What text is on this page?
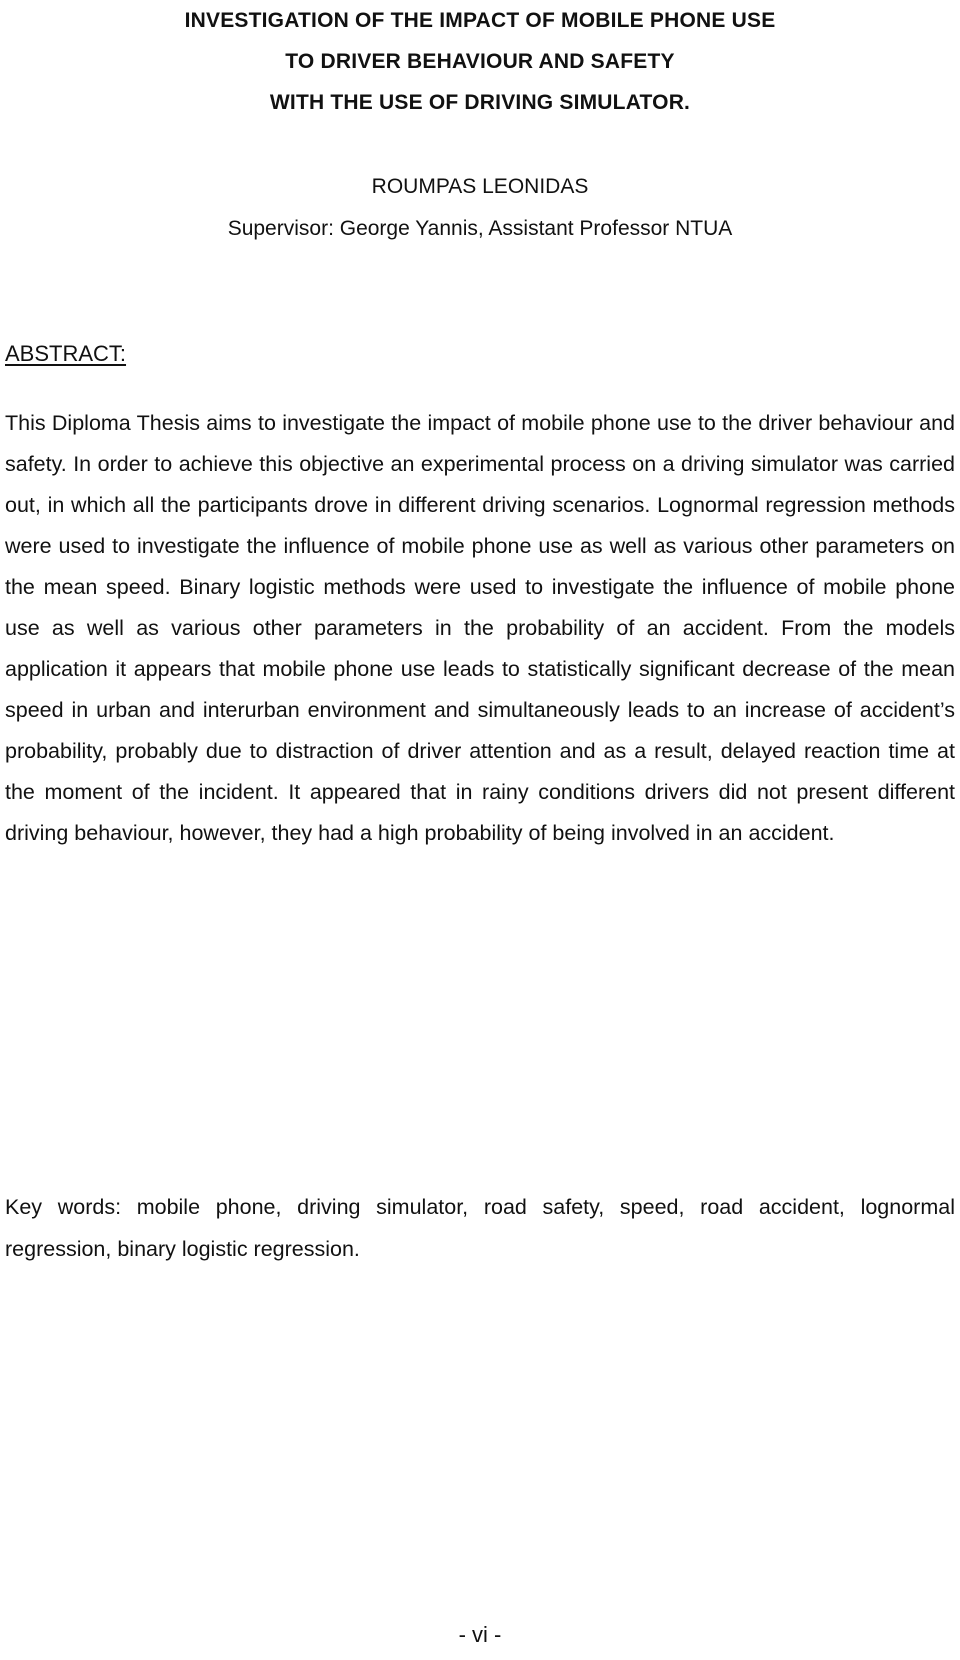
INVESTIGATION OF THE IMPACT OF MOBILE PHONE USE
TO DRIVER BEHAVIOUR AND SAFETY
WITH THE USE OF DRIVING SIMULATOR.
ROUMPAS LEONIDAS
Supervisor: George Yannis, Assistant Professor NTUA
ABSTRACT:

This Diploma Thesis aims to investigate the impact of mobile phone use to the driver behaviour and safety. In order to achieve this objective an experimental process on a driving simulator was carried out, in which all the participants drove in different driving scenarios. Lognormal regression methods were used to investigate the influence of mobile phone use as well as various other parameters on the mean speed. Binary logistic methods were used to investigate the influence of mobile phone use as well as various other parameters in the probability of an accident. From the models application it appears that mobile phone use leads to statistically significant decrease of the mean speed in urban and interurban environment and simultaneously leads to an increase of accident’s probability, probably due to distraction of driver attention and as a result, delayed reaction time at the moment of the incident. It appeared that in rainy conditions drivers did not present different driving behaviour, however, they had a high probability of being involved in an accident.

Key words: mobile phone, driving simulator, road safety, speed, road accident, lognormal regression, binary logistic regression.

- vi -
